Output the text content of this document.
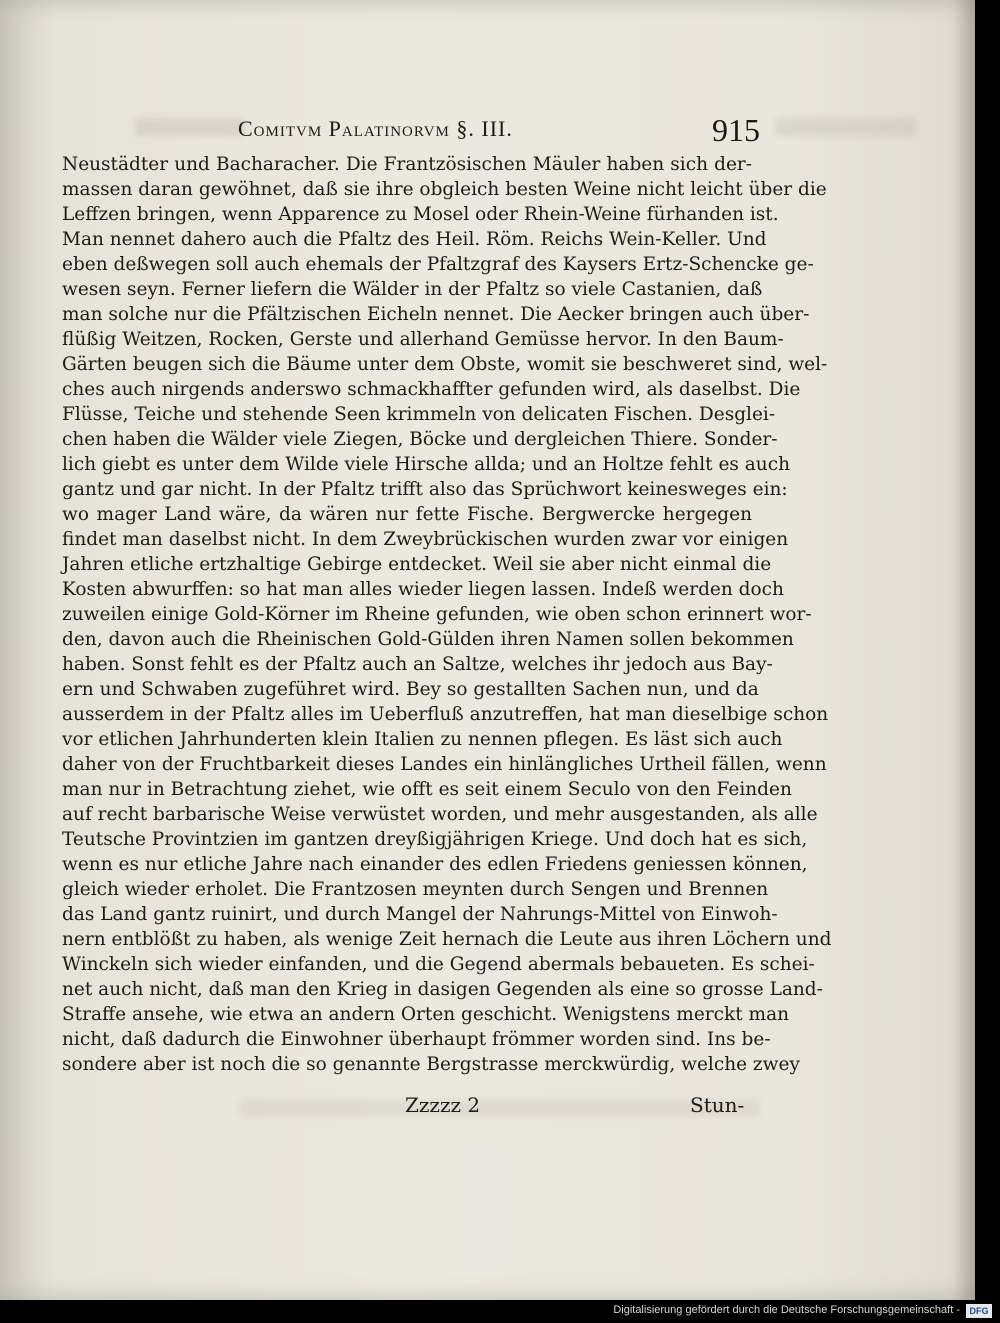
Comitvm Palatinorvm §. III.	915
Neustädter und Bacharacher. Die Frantzösischen Mäuler haben sich der-
massen daran gewöhnet, daß sie ihre obgleich besten Weine nicht leicht über die
Leffzen bringen, wenn Apparence zu Mosel oder Rhein-Weine fürhanden ist.
Man nennet dahero auch die Pfaltz des Heil. Röm. Reichs Wein-Keller. Und
eben deßwegen soll auch ehemals der Pfaltzgraf des Kaysers Ertz-Schencke ge-
wesen seyn. Ferner liefern die Wälder in der Pfaltz so viele Castanien, daß
man solche nur die Pfältzischen Eicheln nennet. Die Aecker bringen auch über-
flüßig Weitzen, Rocken, Gerste und allerhand Gemüsse hervor. In den Baum-
Gärten beugen sich die Bäume unter dem Obste, womit sie beschweret sind, wel-
ches auch nirgends anderswo schmackhaffter gefunden wird, als daselbst. Die
Flüsse, Teiche und stehende Seen krimmeln von delicaten Fischen. Desglei-
chen haben die Wälder viele Ziegen, Böcke und dergleichen Thiere. Sonder-
lich giebt es unter dem Wilde viele Hirsche allda; und an Holtze fehlt es auch
gantz und gar nicht. In der Pfaltz trifft also das Sprüchwort keinesweges ein:
wo mager Land wäre, da wären nur fette Fische. Bergwercke hergegen
findet man daselbst nicht. In dem Zweybrückischen wurden zwar vor einigen
Jahren etliche ertzhaltige Gebirge entdecket. Weil sie aber nicht einmal die
Kosten abwurffen: so hat man alles wieder liegen lassen. Indeß werden doch
zuweilen einige Gold-Körner im Rheine gefunden, wie oben schon erinnert wor-
den, davon auch die Rheinischen Gold-Gülden ihren Namen sollen bekommen
haben. Sonst fehlt es der Pfaltz auch an Saltze, welches ihr jedoch aus Bay-
ern und Schwaben zugeführet wird. Bey so gestallten Sachen nun, und da
ausserdem in der Pfaltz alles im Ueberfluß anzutreffen, hat man dieselbige schon
vor etlichen Jahrhunderten klein Italien zu nennen pflegen. Es läst sich auch
daher von der Fruchtbarkeit dieses Landes ein hinlängliches Urtheil fällen, wenn
man nur in Betrachtung ziehet, wie offt es seit einem Seculo von den Feinden
auf recht barbarische Weise verwüstet worden, und mehr ausgestanden, als alle
Teutsche Provintzien im gantzen dreyßigjährigen Kriege. Und doch hat es sich,
wenn es nur etliche Jahre nach einander des edlen Friedens geniessen können,
gleich wieder erholet. Die Frantzosen meynten durch Sengen und Brennen
das Land gantz ruinirt, und durch Mangel der Nahrungs-Mittel von Einwoh-
nern entblößt zu haben, als wenige Zeit hernach die Leute aus ihren Löchern und
Winckeln sich wieder einfanden, und die Gegend abermals bebaueten. Es schei-
net auch nicht, daß man den Krieg in dasigen Gegenden als eine so grosse Land-
Straffe ansehe, wie etwa an andern Orten geschicht. Wenigstens merckt man
nicht, daß dadurch die Einwohner überhaupt frömmer worden sind. Ins be-
sondere aber ist noch die so genannte Bergstrasse merckwürdig, welche zwey
Zzzzz 2	Stun-
Digitalisierung gefördert durch die Deutsche Forschungsgemeinschaft -	DFG
